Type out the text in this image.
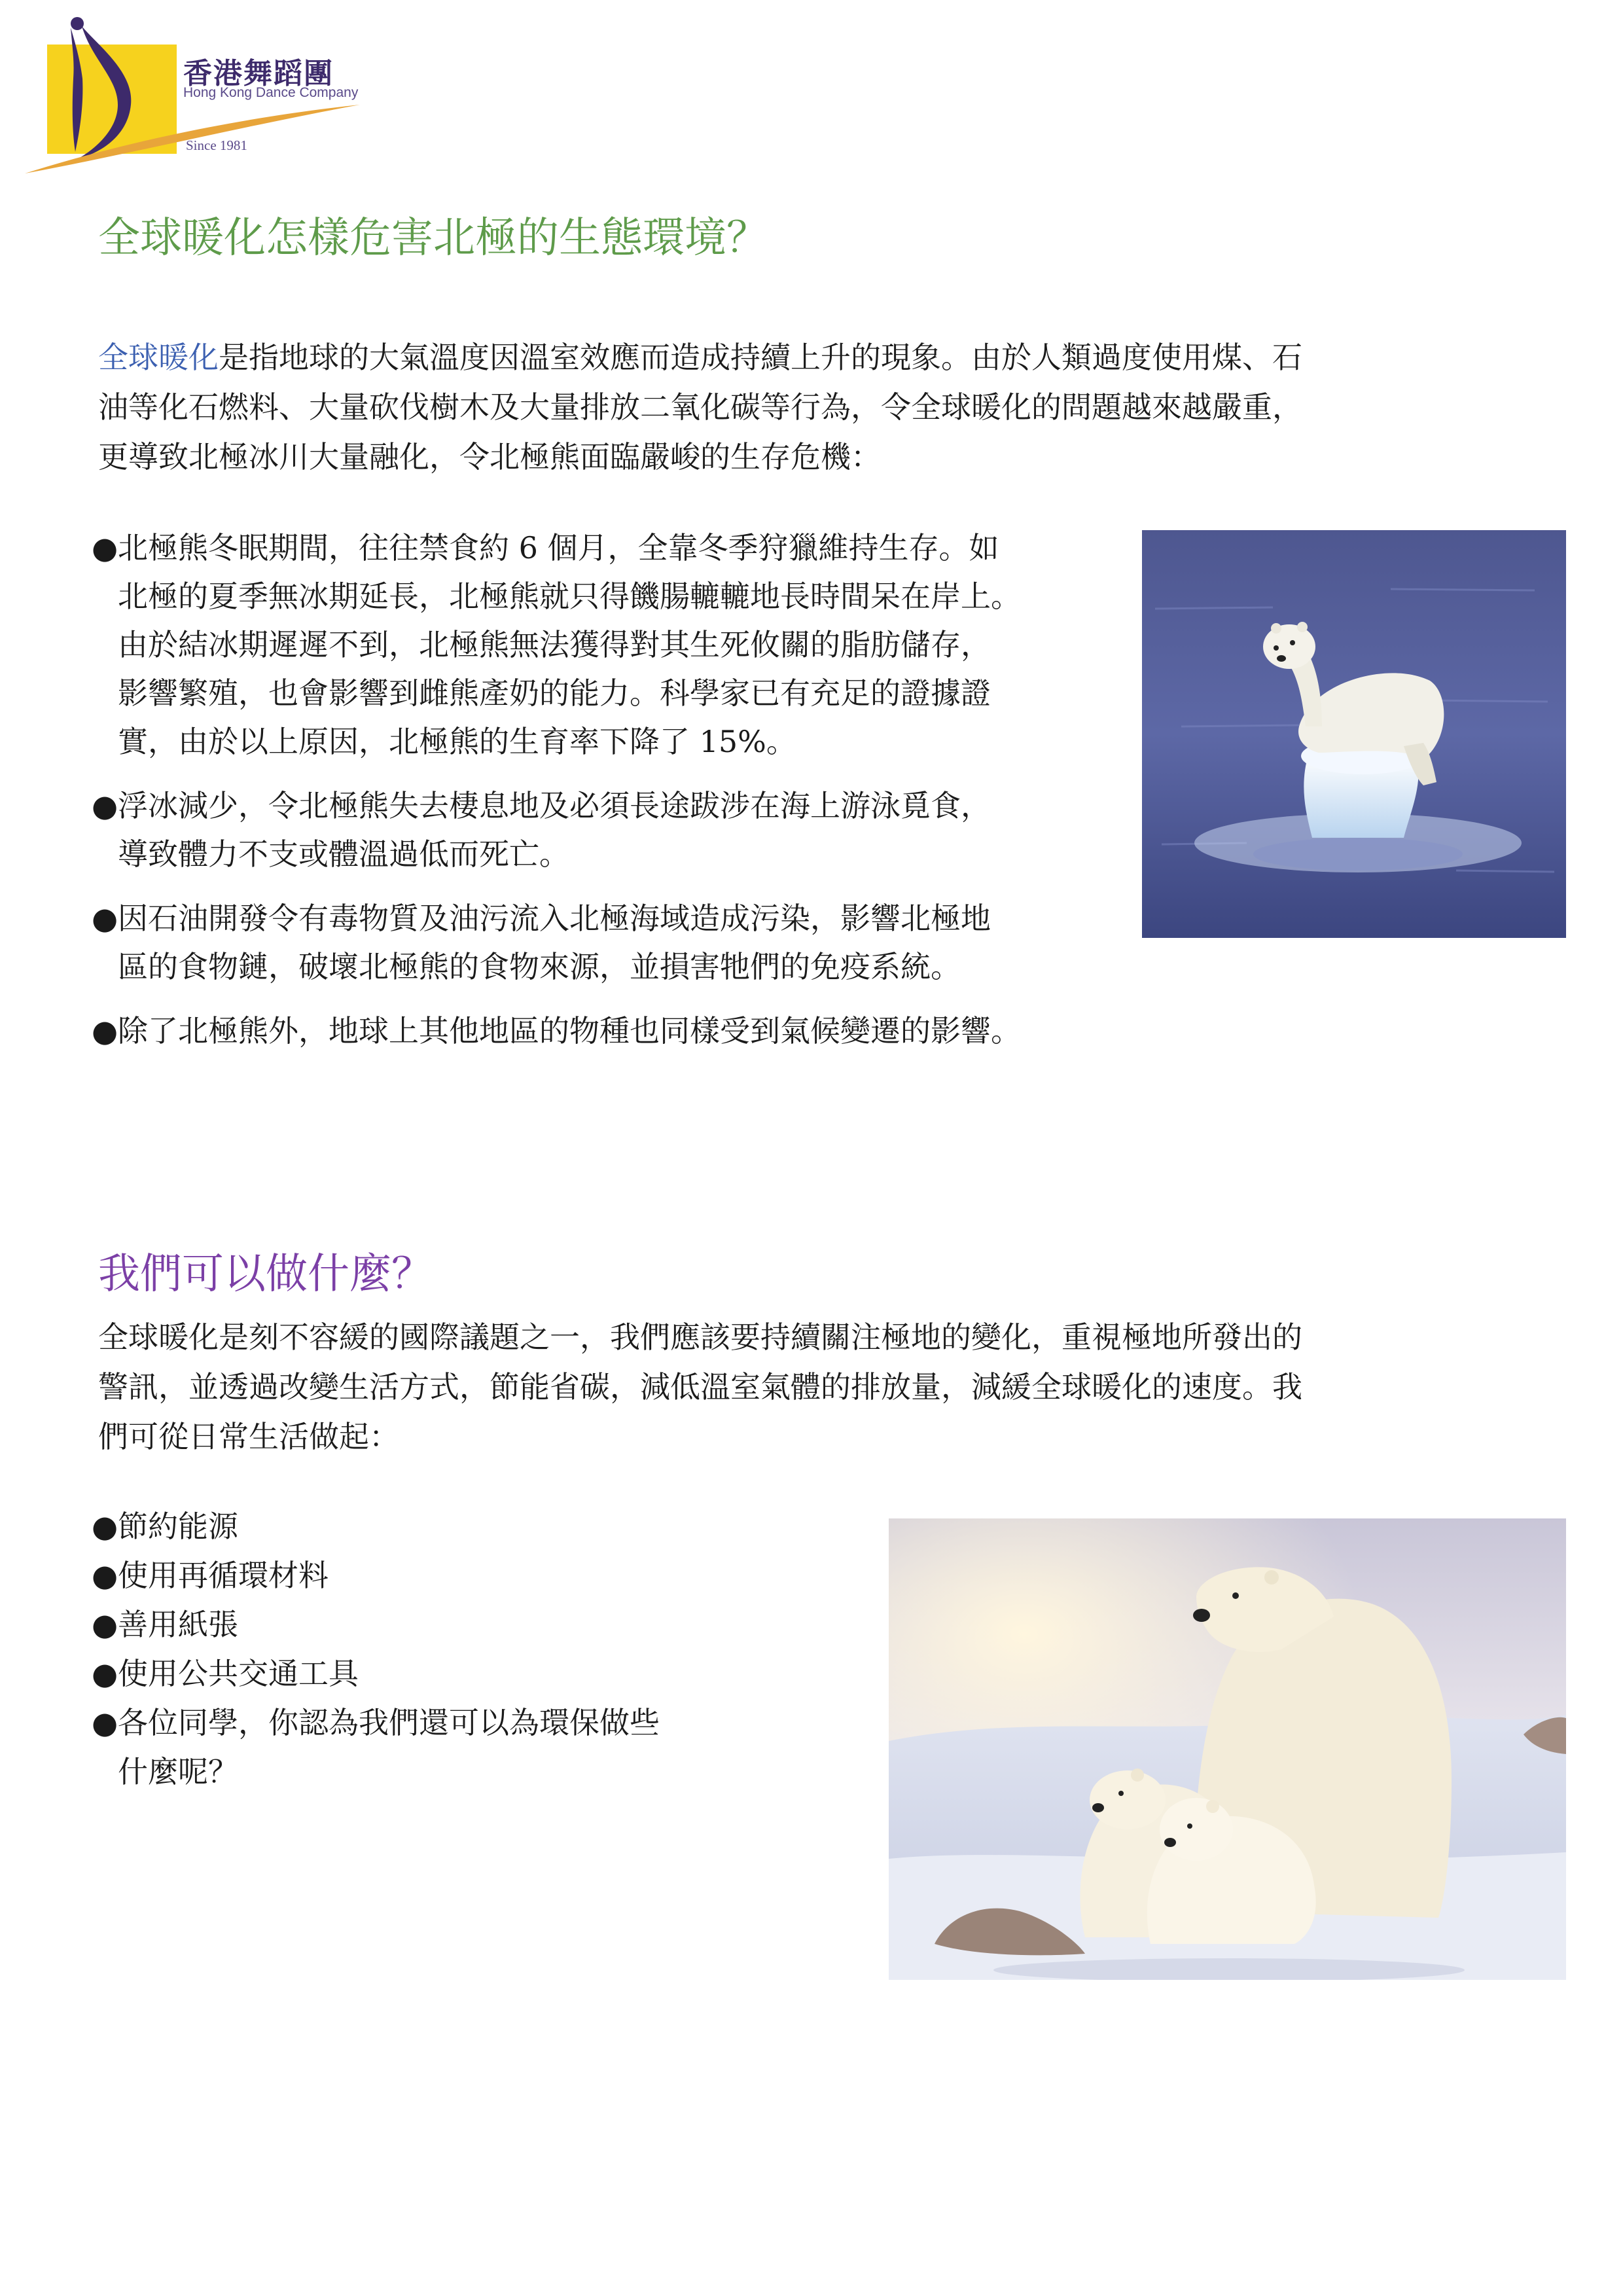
香港舞蹈團
Hong Kong Dance Company
Since 1981
全球暖化怎樣危害北極的生態環境？
全球暖化是指地球的大氣溫度因溫室效應而造成持續上升的現象。由於人類過度使用煤、石
油等化石燃料、大量砍伐樹木及大量排放二氧化碳等行為，令全球暖化的問題越來越嚴重，
更導致北極冰川大量融化，令北極熊面臨嚴峻的生存危機：
●北極熊冬眠期間，往往禁食約 6 個月，全靠冬季狩獵維持生存。如
北極的夏季無冰期延長，北極熊就只得饑腸轆轆地長時間呆在岸上。
由於結冰期遲遲不到，北極熊無法獲得對其生死攸關的脂肪儲存，
影響繁殖，也會影響到雌熊產奶的能力。科學家已有充足的證據證
實，由於以上原因，北極熊的生育率下降了 15%。
●浮冰減少，令北極熊失去棲息地及必須長途跋涉在海上游泳覓食，
導致體力不支或體溫過低而死亡。
●因石油開發令有毒物質及油污流入北極海域造成污染，影響北極地
區的食物鏈，破壞北極熊的食物來源，並損害牠們的免疫系統。
●除了北極熊外，地球上其他地區的物種也同樣受到氣候變遷的影響。
我們可以做什麼？
全球暖化是刻不容緩的國際議題之一，我們應該要持續關注極地的變化，重視極地所發出的
警訊，並透過改變生活方式，節能省碳，減低溫室氣體的排放量，減緩全球暖化的速度。我
們可從日常生活做起：
●節約能源
●使用再循環材料
●善用紙張
●使用公共交通工具
●各位同學，你認為我們還可以為環保做些
什麼呢？
